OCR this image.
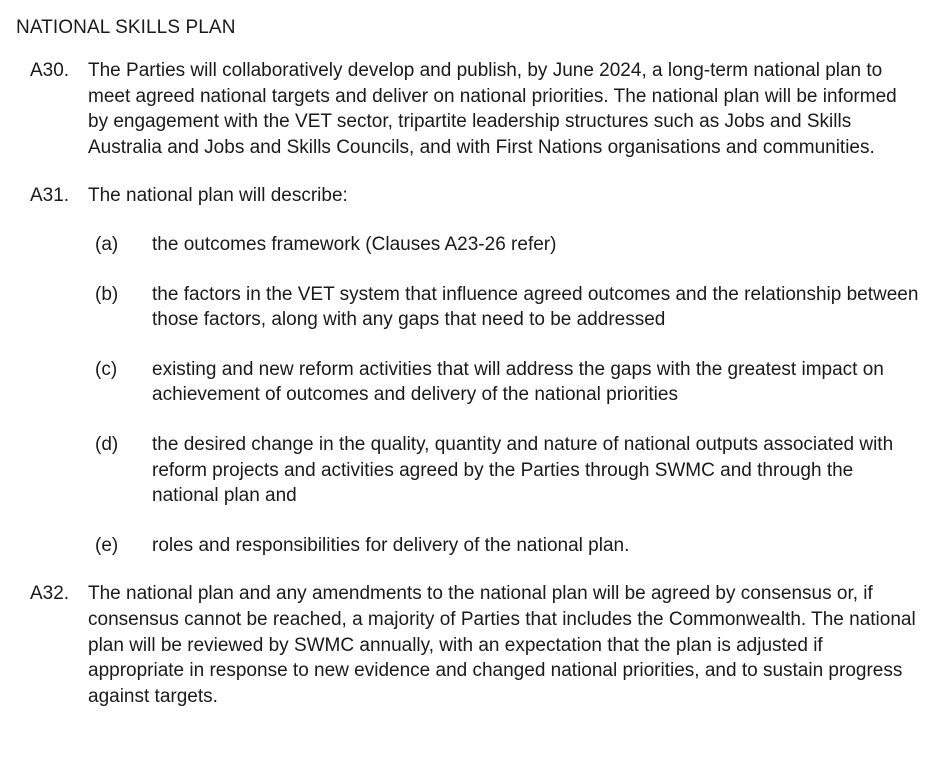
NATIONAL SKILLS PLAN
A30. The Parties will collaboratively develop and publish, by June 2024, a long-term national plan to meet agreed national targets and deliver on national priorities. The national plan will be informed by engagement with the VET sector, tripartite leadership structures such as Jobs and Skills Australia and Jobs and Skills Councils, and with First Nations organisations and communities.
A31. The national plan will describe:
(a)	the outcomes framework (Clauses A23-26 refer)
(b)	the factors in the VET system that influence agreed outcomes and the relationship between those factors, along with any gaps that need to be addressed
(c)	existing and new reform activities that will address the gaps with the greatest impact on achievement of outcomes and delivery of the national priorities
(d)	the desired change in the quality, quantity and nature of national outputs associated with reform projects and activities agreed by the Parties through SWMC and through the national plan and
(e)	roles and responsibilities for delivery of the national plan.
A32. The national plan and any amendments to the national plan will be agreed by consensus or, if consensus cannot be reached, a majority of Parties that includes the Commonwealth. The national plan will be reviewed by SWMC annually, with an expectation that the plan is adjusted if appropriate in response to new evidence and changed national priorities, and to sustain progress against targets.
